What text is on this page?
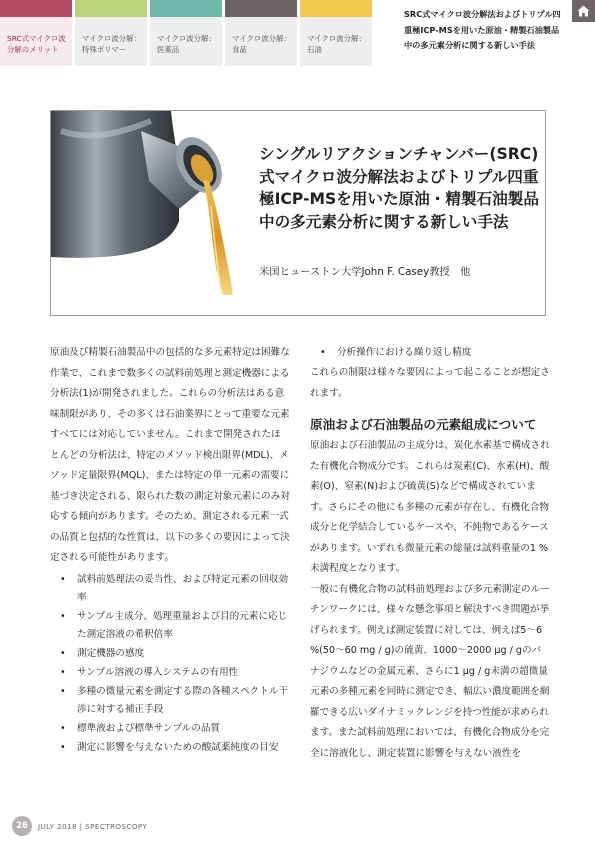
SRC式マイクロ波
分解のメリット
マイクロ波分解：
特殊ポリマー
マイクロ波分解：
医薬品
マイクロ波分解：
食品
マイクロ波分解：
石油
SRC式マイクロ波分解法およびトリプル四重極ICP-MSを用いた原油・精製石油製品中の多元素分析に関する新しい手法
シングルリアクションチャンバー(SRC)式マイクロ波分解法およびトリプル四重極ICP-MSを用いた原油・精製石油製品中の多元素分析に関する新しい手法
米国ヒューストン大学John F. Casey教授　他

原油及び精製石油製品中の包括的な多元素特定は困難な作業で、これまで数多くの試料前処理と測定機器による分析法(1)が開発されました。これらの分析法はある意味制限があり、その多くは石油業界にとって重要な元素すべてには対応していません。これまで開発されたほとんどの分析法は、特定のメソッド検出限界(MDL)、メソッド定量限界(MQL)、または特定の単一元素の需要に基づき決定される、限られた数の測定対象元素にのみ対応する傾向があります。そのため、測定される元素一式の品質と包括的な性質は、以下の多くの要因によって決定される可能性があります。

• 試料前処理法の妥当性、および特定元素の回収効率
• サンプル主成分、処理重量および目的元素に応じた測定溶液の希釈倍率
• 測定機器の感度
• サンプル溶液の導入システムの有用性
• 多種の微量元素を測定する際の各種スペクトル干渉に対する補正手段
• 標準液および標準サンプルの品質
• 測定に影響を与えないための酸試薬純度の目安
• 分析操作における繰り返し精度

これらの制限は様々な要因によって起こることが想定されます。

原油および石油製品の元素組成について

原油および石油製品の主成分は、炭化水素基で構成された有機化合物成分です。これらは炭素(C)、水素(H)、酸素(O)、窒素(N)および硫黄(S)などで構成されています。さらにその他にも多種の元素が存在し、有機化合物成分と化学結合しているケースや、不純物であるケースがあります。いずれも微量元素の総量は試料重量の1 %未満程度となります。

一般に有機化合物の試料前処理および多元素測定のルーチンワークには、様々な懸念事項と解決すべき問題が挙げられます。例えば測定装置に対しては、例えば5～6 %(50～60 mg / g)の硫黄、1000～2000 µg / gのバナジウムなどの金属元素、さらに1 µg / g未満の超微量元素の多種元素を同時に測定でき、幅広い濃度範囲を網羅できる広いダイナミックレンジを持つ性能が求められます。また試料前処理においては、有機化合物成分を完全に溶液化し、測定装置に影響を与えない液性を

26	JULY 2018 | SPECTROSCOPY
